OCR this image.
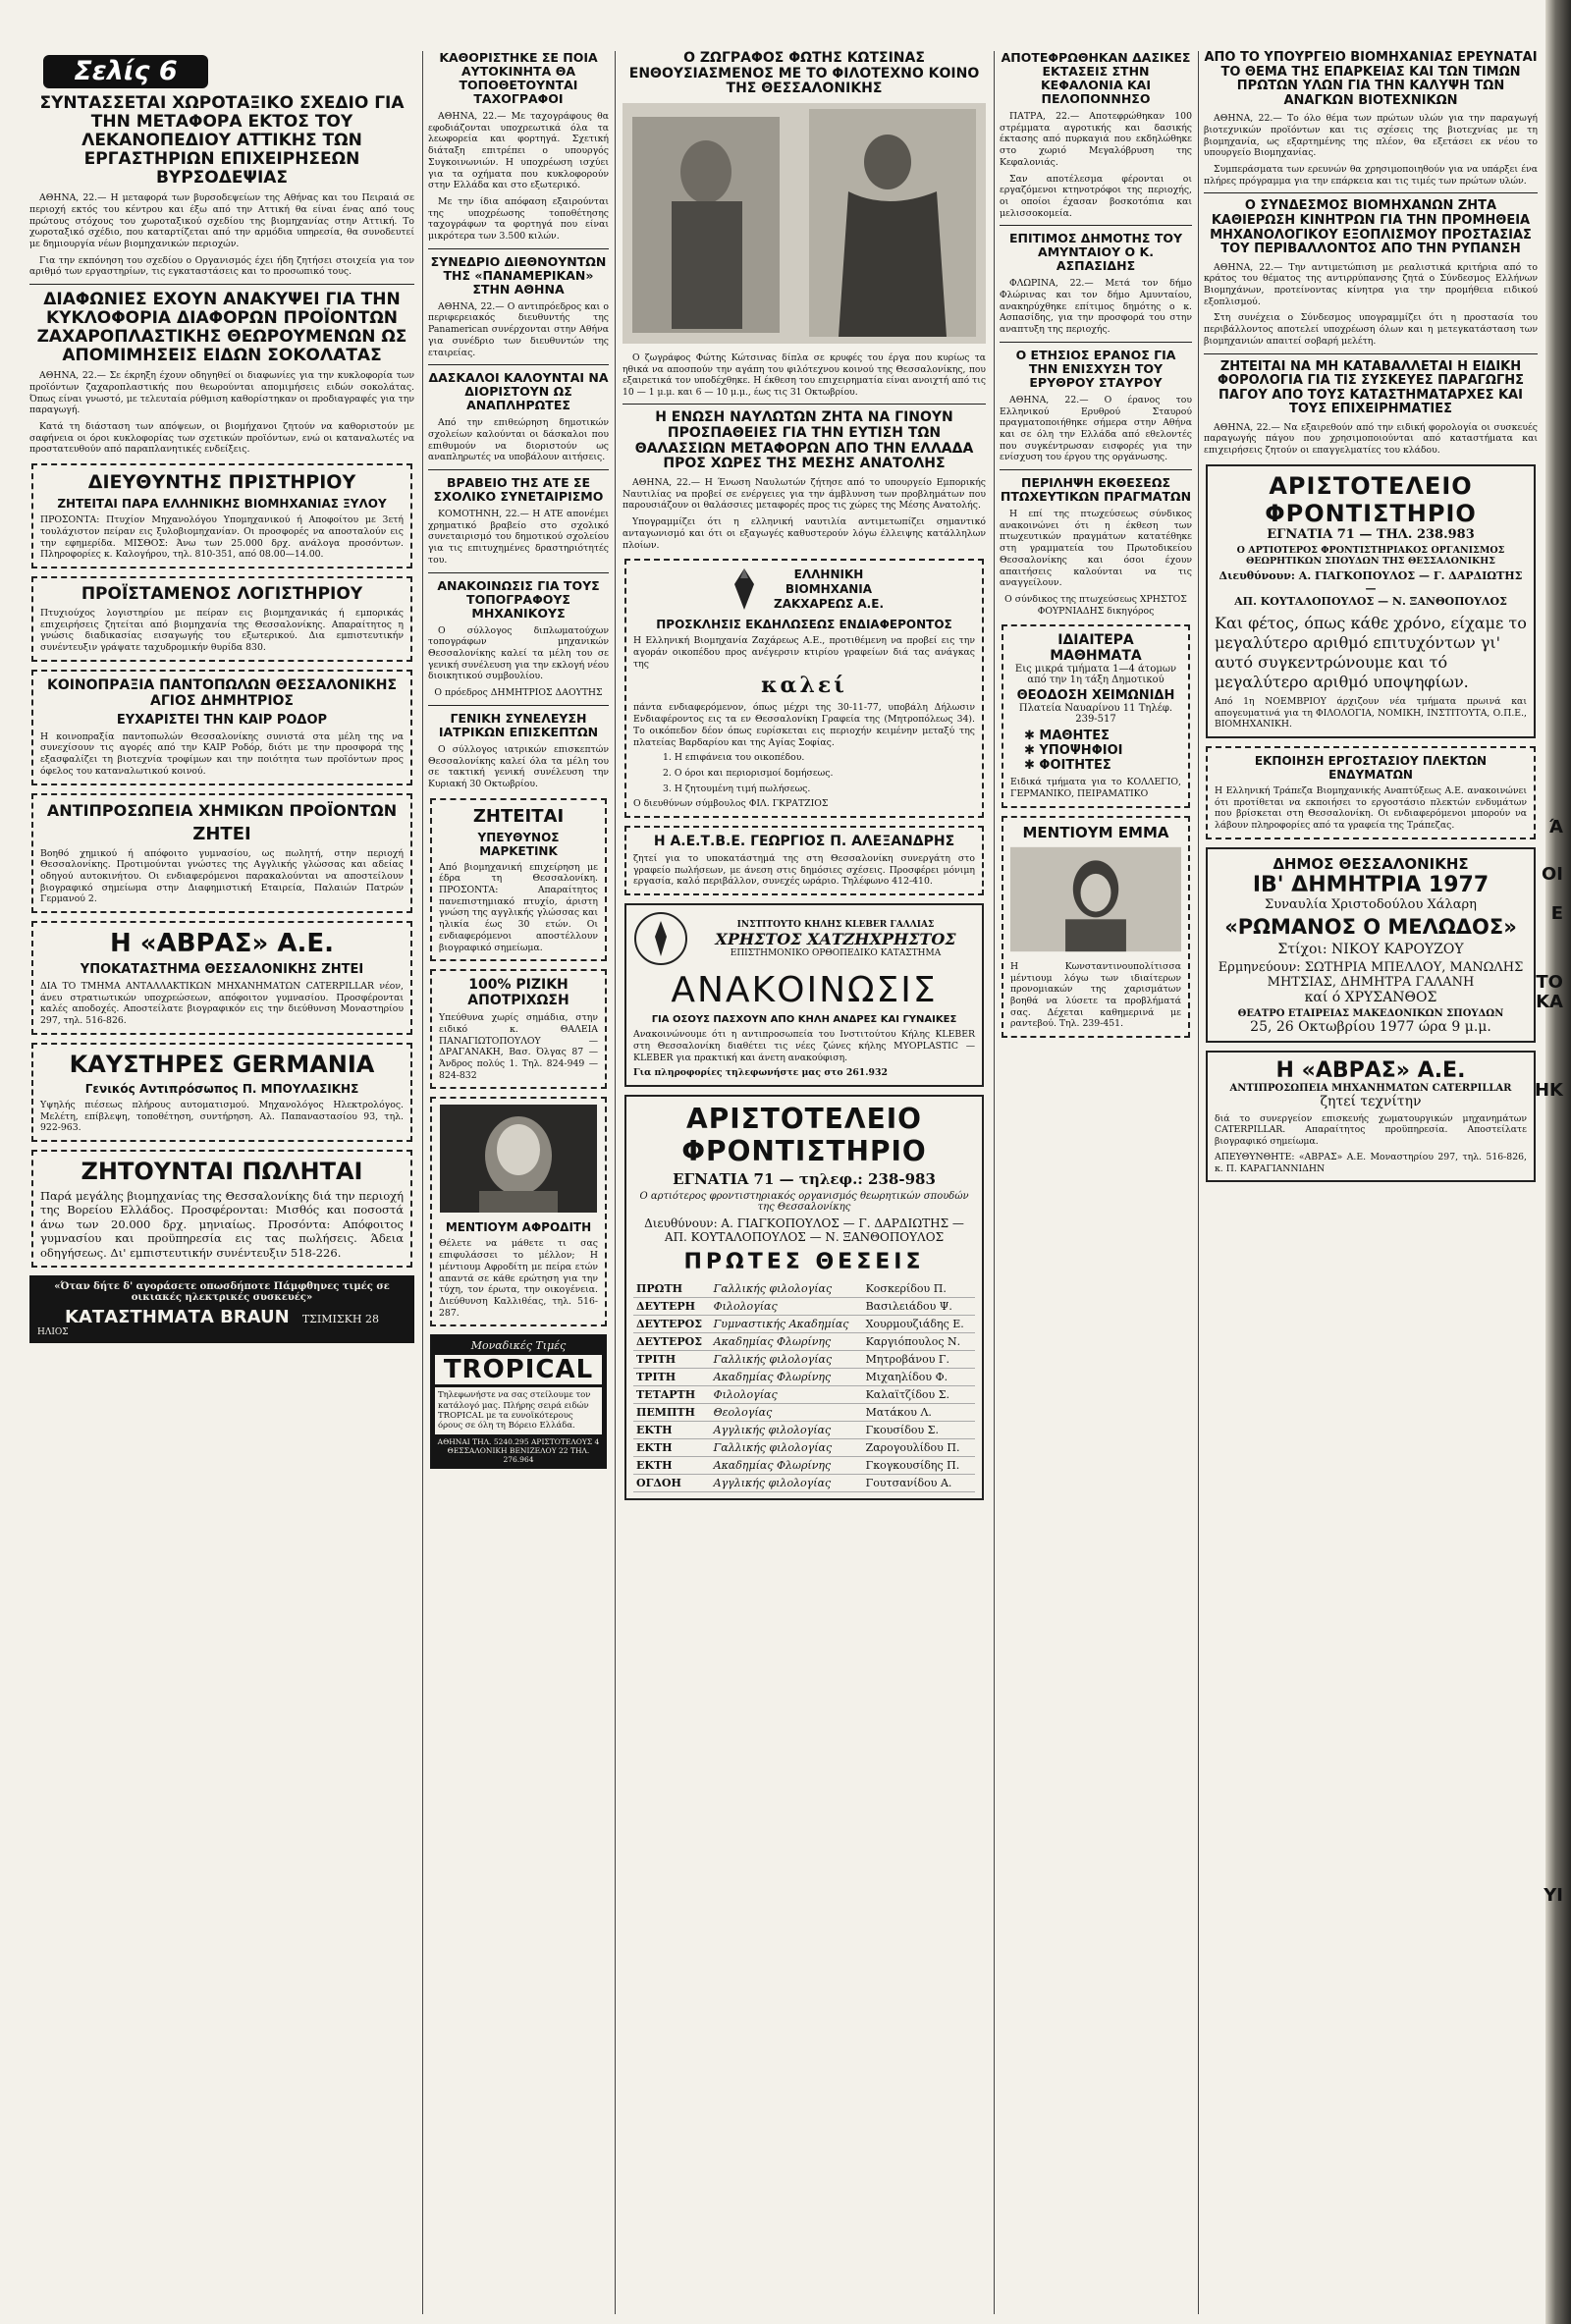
Σελίς 6
ΣΥΝΤΑΣΣΕΤΑΙ ΧΩΡΟΤΑΞΙΚΟ ΣΧΕΔΙΟ ΓΙΑ ΤΗΝ ΜΕΤΑΦΟΡΑ ΕΚΤΟΣ ΤΟΥ ΛΕΚΑΝΟΠΕΔΙΟΥ ΑΤΤΙΚΗΣ ΤΩΝ ΕΡΓΑΣΤΗΡΙΩΝ ΕΠΙΧΕΙΡΗΣΕΩΝ ΒΥΡΣΟΔΕΨΙΑΣ

ΑΘΗΝΑ, 22.— Η μεταφορά των βυρσοδεψείων της Αθήνας και του Πειραιά σε περιοχή εκτός του κέντρου και έξω από την Αττική θα είναι ένας από τους πρώτους στόχους του χωροταξικού σχεδίου της βιομηχανίας στην Αττική. Το χωροταξικό σχέδιο, που καταρτίζεται από την αρμόδια υπηρεσία, θα συνοδευτεί με δημιουργία νέων βιομηχανικών περιοχών.

Για την εκπόνηση του σχεδίου ο Οργανισμός έχει ήδη ζητήσει στοιχεία για τον αριθμό των εργαστηρίων, τις εγκαταστάσεις και το προσωπικό τους.

ΔΙΑΦΩΝΙΕΣ ΕΧΟΥΝ ΑΝΑΚΥΨΕΙ ΓΙΑ ΤΗΝ ΚΥΚΛΟΦΟΡΙΑ ΔΙΑΦΟΡΩΝ ΠΡΟΪΟΝΤΩΝ ΖΑΧΑΡΟΠΛΑΣΤΙΚΗΣ ΘΕΩΡΟΥΜΕΝΩΝ ΩΣ ΑΠΟΜΙΜΗΣΕΙΣ ΕΙΔΩΝ ΣΟΚΟΛΑΤΑΣ

ΑΘΗΝΑ, 22.— Σε έκρηξη έχουν οδηγηθεί οι διαφωνίες για την κυκλοφορία των προϊόντων ζαχαροπλαστικής που θεωρούνται απομιμήσεις ειδών σοκολάτας. Όπως είναι γνωστό, με τελευταία ρύθμιση καθορίστηκαν οι προδιαγραφές για την παραγωγή.

Κατά τη διάσταση των απόψεων, οι βιομήχανοι ζητούν να καθοριστούν με σαφήνεια οι όροι κυκλοφορίας των σχετικών προϊόντων, ενώ οι καταναλωτές να προστατευθούν από παραπλανητικές ενδείξεις.

ΔΙΕΥΘΥΝΤΗΣ ΠΡΙΣΤΗΡΙΟΥ
ΖΗΤΕΙΤΑΙ ΠΑΡΑ ΕΛΛΗΝΙΚΗΣ ΒΙΟΜΗΧΑΝΙΑΣ ΞΥΛΟΥ

ΠΡΟΣΟΝΤΑ: Πτυχίον Μηχανολόγου Υπομηχανικού ή Αποφοίτου με 3ετή τουλάχιστον πείραν εις ξυλοβιομηχανίαν. Οι προσφορές να αποσταλούν εις την εφημερίδα. ΜΙΣΘΟΣ: Άνω των 25.000 δρχ. ανάλογα προσόντων. Πληροφορίες κ. Καλογήρου, τηλ. 810-351, από 08.00—14.00.

ΠΡΟΪΣΤΑΜΕΝΟΣ ΛΟΓΙΣΤΗΡΙΟΥ

Πτυχιούχος λογιστηρίου με πείραν εις βιομηχανικάς ή εμπορικάς επιχειρήσεις ζητείται από βιομηχανία της Θεσσαλονίκης. Απαραίτητος η γνώσις διαδικασίας εισαγωγής του εξωτερικού. Δια εμπιστευτικήν συνέντευξιν γράψατε ταχυδρομικήν θυρίδα 830.

ΚΟΙΝΟΠΡΑΞΙΑ ΠΑΝΤΟΠΩΛΩΝ ΘΕΣΣΑΛΟΝΙΚΗΣ ΑΓΙΟΣ ΔΗΜΗΤΡΙΟΣ
ΕΥΧΑΡΙΣΤΕΙ ΤΗΝ ΚΑΙΡ ΡΟΔΟΡ

Η κοινοπραξία παντοπωλών Θεσσαλονίκης συνιστά στα μέλη της να συνεχίσουν τις αγορές από την ΚΑΙΡ Ροδόρ, διότι με την προσφορά της εξασφαλίζει τη βιοτεχνία τροφίμων και την ποιότητα των προϊόντων προς όφελος του καταναλωτικού κοινού.

ΑΝΤΙΠΡΟΣΩΠΕΙΑ ΧΗΜΙΚΩΝ ΠΡΟΪΟΝΤΩΝ
ΖΗΤΕΙ

Βοηθό χημικού ή απόφοιτο γυμνασίου, ως πωλητή, στην περιοχή Θεσσαλονίκης. Προτιμούνται γνώστες της Αγγλικής γλώσσας και αδείας οδηγού αυτοκινήτου. Οι ενδιαφερόμενοι παρακαλούνται να αποστείλουν βιογραφικό σημείωμα στην Διαφημιστική Εταιρεία, Παλαιών Πατρών Γερμανού 2.

Η «ΑΒΡΑΣ» Α.Ε.
ΥΠΟΚΑΤΑΣΤΗΜΑ ΘΕΣΣΑΛΟΝΙΚΗΣ ΖΗΤΕΙ

ΔΙΑ ΤΟ ΤΜΗΜΑ ΑΝΤΑΛΛΑΚΤΙΚΩΝ ΜΗΧΑΝΗΜΑΤΩΝ CATERPILLAR νέον, άνευ στρατιωτικών υποχρεώσεων, απόφοιτον γυμνασίου. Προσφέρονται καλές αποδοχές. Αποστείλατε βιογραφικόν εις την διεύθυνση Μοναστηρίου 297, τηλ. 516-826.

ΚΑΥΣΤΗΡΕΣ GERMANIA
Γενικός Αντιπρόσωπος Π. ΜΠΟΥΛΑΣΙΚΗΣ

Υψηλής πιέσεως πλήρους αυτοματισμού. Μηχανολόγος Ηλεκτρολόγος. Μελέτη, επίβλεψη, τοποθέτηση, συντήρηση. Αλ. Παπαναστασίου 93, τηλ. 922-963.

ΖΗΤΟΥΝΤΑΙ ΠΩΛΗΤΑΙ

Παρά μεγάλης βιομηχανίας της Θεσσαλονίκης διά την περιοχή της Βορείου Ελλάδος. Προσφέρονται: Μισθός και ποσοστά άνω των 20.000 δρχ. μηνιαίως. Προσόντα: Απόφοιτος γυμνασίου και προϋπηρεσία εις τας πωλήσεις. Άδεια οδηγήσεως. Δι' εμπιστευτικήν συνέντευξιν 518-226.

«Όταν δήτε δ' αγοράσετε οπωσδήποτε Πάμφθηνες τιμές σε οικιακές ηλεκτρικές συσκευές»
ΚΑΤΑΣΤΗΜΑΤΑ BRAUN ΤΣΙΜΙΣΚΗ 28
ΗΛΙΟΣ
ΚΑΘΟΡΙΣΤΗΚΕ ΣΕ ΠΟΙΑ ΑΥΤΟΚΙΝΗΤΑ ΘΑ ΤΟΠΟΘΕΤΟΥΝΤΑΙ ΤΑΧΟΓΡΑΦΟΙ

ΑΘΗΝΑ, 22.— Με ταχογράφους θα εφοδιάζονται υποχρεωτικά όλα τα λεωφορεία και φορτηγά. Σχετική διάταξη επιτρέπει ο υπουργός Συγκοινωνιών. Η υποχρέωση ισχύει για τα οχήματα που κυκλοφορούν στην Ελλάδα και στο εξωτερικό.

Με την ίδια απόφαση εξαιρούνται της υποχρέωσης τοποθέτησης ταχογράφων τα φορτηγά που είναι μικρότερα των 3.500 κιλών.

ΣΥΝΕΔΡΙΟ ΔΙΕΘΝΟΥΝΤΩΝ ΤΗΣ «ΠΑΝΑΜΕΡΙΚΑΝ» ΣΤΗΝ ΑΘΗΝΑ

ΑΘΗΝΑ, 22.— Ο αντιπρόεδρος και ο περιφερειακός διευθυντής της Panamerican συνέρχονται στην Αθήνα για συνέδριο των διευθυντών της εταιρείας.

ΔΑΣΚΑΛΟΙ ΚΑΛΟΥΝΤΑΙ ΝΑ ΔΙΟΡΙΣΤΟΥΝ ΩΣ ΑΝΑΠΛΗΡΩΤΕΣ

Από την επιθεώρηση δημοτικών σχολείων καλούνται οι δάσκαλοι που επιθυμούν να διοριστούν ως αναπληρωτές να υποβάλουν αιτήσεις.

ΒΡΑΒΕΙΟ ΤΗΣ ΑΤΕ ΣΕ ΣΧΟΛΙΚΟ ΣΥΝΕΤΑΙΡΙΣΜΟ

ΚΟΜΟΤΗΝΗ, 22.— Η ΑΤΕ απονέμει χρηματικό βραβείο στο σχολικό συνεταιρισμό του δημοτικού σχολείου για τις επιτυχημένες δραστηριότητές του.

ΑΝΑΚΟΙΝΩΣΙΣ ΓΙΑ ΤΟΥΣ ΤΟΠΟΓΡΑΦΟΥΣ ΜΗΧΑΝΙΚΟΥΣ

Ο σύλλογος διπλωματούχων τοπογράφων μηχανικών Θεσσαλονίκης καλεί τα μέλη του σε γενική συνέλευση για την εκλογή νέου διοικητικού συμβουλίου.

Ο πρόεδρος ΔΗΜΗΤΡΙΟΣ ΔΑΟΥΤΗΣ

ΓΕΝΙΚΗ ΣΥΝΕΛΕΥΣΗ ΙΑΤΡΙΚΩΝ ΕΠΙΣΚΕΠΤΩΝ

Ο σύλλογος ιατρικών επισκεπτών Θεσσαλονίκης καλεί όλα τα μέλη του σε τακτική γενική συνέλευση την Κυριακή 30 Οκτωβρίου.

ΖΗΤΕΙΤΑΙ
ΥΠΕΥΘΥΝΟΣ ΜΑΡΚΕΤΙΝΚ

Από βιομηχανική επιχείρηση με έδρα τη Θεσσαλονίκη. ΠΡΟΣΟΝΤΑ: Απαραίτητος πανεπιστημιακό πτυχίο, άριστη γνώση της αγγλικής γλώσσας και ηλικία έως 30 ετών. Οι ενδιαφερόμενοι αποστέλλουν βιογραφικό σημείωμα.

100% ΡΙΖΙΚΗ ΑΠΟΤΡΙΧΩΣΗ

Υπεύθυνα χωρίς σημάδια, στην ειδικό κ. ΘΑΛΕΙΑ ΠΑΝΑΓΙΩΤΟΠΟΥΛΟΥ — ΔΡΑΓΑΝΑΚΗ, Βασ. Όλγας 87 — Άνδρος πολύς 1. Τηλ. 824-949 — 824-832

ΜΕΝΤΙΟΥΜ ΑΦΡΟΔΙΤΗ

Θέλετε να μάθετε τι σας επιφυλάσσει το μέλλον; Η μέντιουμ Αφροδίτη με πείρα ετών απαντά σε κάθε ερώτηση για την τύχη, τον έρωτα, την οικογένεια. Διεύθυνση Καλλιθέας, τηλ. 516-287.

Μοναδικές Τιμές
TROPICAL

Τηλεφωνήστε να σας στείλουμε τον κατάλογό μας. Πλήρης σειρά ειδών TROPICAL με τα ευνοϊκότερους όρους σε όλη τη Βόρειο Ελλάδα.

ΑΘΗΝΑΙ ΤΗΛ. 5240.295 ΑΡΙΣΤΟΤΕΛΟΥΣ 4 ΘΕΣΣΑΛΟΝΙΚΗ ΒΕΝΙΖΕΛΟΥ 22 ΤΗΛ. 276.964
Ο ΖΩΓΡΑΦΟΣ ΦΩΤΗΣ ΚΩΤΣΙΝΑΣ ΕΝΘΟΥΣΙΑΣΜΕΝΟΣ ΜΕ ΤΟ ΦΙΛΟΤΕΧΝΟ ΚΟΙΝΟ ΤΗΣ ΘΕΣΣΑΛΟΝΙΚΗΣ

Ο ζωγράφος Φώτης Κώτσινας δίπλα σε κρυφές του έργα που κυρίως τα ηθικά να αποσπούν την αγάπη του φιλότεχνου κοινού της Θεσσαλονίκης, που εξαιρετικά τον υποδέχθηκε. Η έκθεση του επιχειρηματία είναι ανοιχτή από τις 10 — 1 μ.μ. και 6 — 10 μ.μ., έως τις 31 Οκτωβρίου.

Η ΕΝΩΣΗ ΝΑΥΛΩΤΩΝ ΖΗΤΑ ΝΑ ΓΙΝΟΥΝ ΠΡΟΣΠΑΘΕΙΕΣ ΓΙΑ ΤΗΝ ΕΥΤΙΣΗ ΤΩΝ ΘΑΛΑΣΣΙΩΝ ΜΕΤΑΦΟΡΩΝ ΑΠΟ ΤΗΝ ΕΛΛΑΔΑ ΠΡΟΣ ΧΩΡΕΣ ΤΗΣ ΜΕΣΗΣ ΑΝΑΤΟΛΗΣ

ΑΘΗΝΑ, 22.— Η Ένωση Ναυλωτών ζήτησε από το υπουργείο Εμπορικής Ναυτιλίας να προβεί σε ενέργειες για την άμβλυνση των προβλημάτων που παρουσιάζουν οι θαλάσσιες μεταφορές προς τις χώρες της Μέσης Ανατολής.

Υπογραμμίζει ότι η ελληνική ναυτιλία αντιμετωπίζει σημαντικό ανταγωνισμό και ότι οι εξαγωγές καθυστερούν λόγω έλλειψης κατάλληλων πλοίων.

ΕΛΛΗΝΙΚΗ
ΒΙΟΜΗΧΑΝΙΑ
ΖΑΚΧΑΡΕΩΣ Α.Ε.
ΠΡΟΣΚΛΗΣΙΣ ΕΚΔΗΛΩΣΕΩΣ ΕΝΔΙΑΦΕΡΟΝΤΟΣ

Η Ελληνική Βιομηχανία Ζαχάρεως Α.Ε., προτιθέμενη να προβεί εις την αγοράν οικοπέδου προς ανέγερσιν κτιρίου γραφείων διά τας ανάγκας της

καλεί

πάντα ενδιαφερόμενον, όπως μέχρι της 30-11-77, υποβάλη Δήλωσιν Ενδιαφέροντος εις τα εν Θεσσαλονίκη Γραφεία της (Μητροπόλεως 34). Το οικόπεδον δέον όπως ευρίσκεται εις περιοχήν κειμένην μεταξύ της πλατείας Βαρδαρίου και της Αγίας Σοφίας.

1. Η επιφάνεια του οικοπέδου.

2. Ο όροι και περιορισμοί δομήσεως.

3. Η ζητουμένη τιμή πωλήσεως.

Ο διευθύνων σύμβουλος ΦΙΛ. ΓΚΡΑΤΖΙΟΣ

Η Α.Ε.Τ.Β.Ε. ΓΕΩΡΓΙΟΣ Π. ΑΛΕΞΑΝΔΡΗΣ

ζητεί για το υποκατάστημά της στη Θεσσαλονίκη συνεργάτη στο γραφείο πωλήσεων, με άνεση στις δημόσιες σχέσεις. Προσφέρει μόνιμη εργασία, καλό περιβάλλον, συνεχές ωράριο. Τηλέφωνο 412-410.

ΙΝΣΤΙΤΟΥΤΟ ΚΗΛΗΣ KLEBER ΓΑΛΛΙΑΣ
ΧΡΗΣΤΟΣ ΧΑΤΖΗΧΡΗΣΤΟΣ
ΕΠΙΣΤΗΜΟΝΙΚΟ ΟΡΘΟΠΕΔΙΚΟ ΚΑΤΑΣΤΗΜΑ
ΑΝΑΚΟΙΝΩΣΙΣ
ΓΙΑ ΟΣΟΥΣ ΠΑΣΧΟΥΝ ΑΠΟ ΚΗΛΗ ΑΝΔΡΕΣ ΚΑΙ ΓΥΝΑΙΚΕΣ

Ανακοινώνουμε ότι η αντιπροσωπεία του Ινστιτούτου Κήλης KLEBER στη Θεσσαλονίκη διαθέτει τις νέες ζώνες κήλης MYOPLASTIC — KLEBER για πρακτική και άνετη ανακούφιση.

Για πληροφορίες τηλεφωνήστε μας στο 261.932

ΑΡΙΣΤΟΤΕΛΕΙΟ ΦΡΟΝΤΙΣΤΗΡΙΟ
ΕΓΝΑΤΙΑ 71 — τηλεφ.: 238-983
Ο αρτιότερος φροντιστηριακός οργανισμός θεωρητικών σπουδών της Θεσσαλονίκης
Διευθύνουν: Α. ΓΙΑΓΚΟΠΟΥΛΟΣ — Γ. ΔΑΡΔΙΩΤΗΣ —
ΑΠ. ΚΟΥΤΑΛΟΠΟΥΛΟΣ — Ν. ΞΑΝΘΟΠΟΥΛΟΣ
ΠΡΩΤΕΣ ΘΕΣΕΙΣ
ΠΡΩΤΗ	Γαλλικής φιλολογίας	Κοσκερίδου Π.
ΔΕΥΤΕΡΗ	Φιλολογίας	Βασιλειάδου Ψ.
ΔΕΥΤΕΡΟΣ	Γυμναστικής Ακαδημίας	Χουρμουζιάδης Ε.
ΔΕΥΤΕΡΟΣ	Ακαδημίας Φλωρίνης	Καργιόπουλος Ν.
ΤΡΙΤΗ	Γαλλικής φιλολογίας	Μητροβάνου Γ.
ΤΡΙΤΗ	Ακαδημίας Φλωρίνης	Μιχαηλίδου Φ.
ΤΕΤΑΡΤΗ	Φιλολογίας	Καλαϊτζίδου Σ.
ΠΕΜΠΤΗ	Θεολογίας	Ματάκου Λ.
ΕΚΤΗ	Αγγλικής φιλολογίας	Γκουσίδου Σ.
ΕΚΤΗ	Γαλλικής φιλολογίας	Ζαρογουλίδου Π.
ΕΚΤΗ	Ακαδημίας Φλωρίνης	Γκογκουσίδης Π.
ΟΓΔΟΗ	Αγγλικής φιλολογίας	Γουτσανίδου Α.
ΑΠΟΤΕΦΡΩΘΗΚΑΝ ΔΑΣΙΚΕΣ ΕΚΤΑΣΕΙΣ ΣΤΗΝ ΚΕΦΑΛΟΝΙΑ ΚΑΙ ΠΕΛΟΠΟΝΝΗΣΟ

ΠΑΤΡΑ, 22.— Αποτεφρώθηκαν 100 στρέμματα αγροτικής και δασικής έκτασης από πυρκαγιά που εκδηλώθηκε στο χωριό Μεγαλόβρυση της Κεφαλονιάς.

Σαν αποτέλεσμα φέρονται οι εργαζόμενοι κτηνοτρόφοι της περιοχής, οι οποίοι έχασαν βοσκοτόπια και μελισσοκομεία.

ΕΠΙΤΙΜΟΣ ΔΗΜΟΤΗΣ ΤΟΥ ΑΜΥΝΤΑΙΟΥ Ο Κ. ΑΣΠΑΣΙΔΗΣ

ΦΛΩΡΙΝΑ, 22.— Μετά τον δήμο Φλώρινας και τον δήμο Αμυνταίου, ανακηρύχθηκε επίτιμος δημότης ο κ. Ασπασίδης, για την προσφορά του στην αναπτυξη της περιοχής.

Ο ΕΤΗΣΙΟΣ ΕΡΑΝΟΣ ΓΙΑ ΤΗΝ ΕΝΙΣΧΥΣΗ ΤΟΥ ΕΡΥΘΡΟΥ ΣΤΑΥΡΟΥ

ΑΘΗΝΑ, 22.— Ο έρανος του Ελληνικού Ερυθρού Σταυρού πραγματοποιήθηκε σήμερα στην Αθήνα και σε όλη την Ελλάδα από εθελοντές που συγκέντρωσαν εισφορές για την ενίσχυση του έργου της οργάνωσης.

ΠΕΡΙΛΗΨΗ ΕΚΘΕΣΕΩΣ ΠΤΩΧΕΥΤΙΚΩΝ ΠΡΑΓΜΑΤΩΝ

Η επί της πτωχεύσεως σύνδικος ανακοινώνει ότι η έκθεση των πτωχευτικών πραγμάτων κατατέθηκε στη γραμματεία του Πρωτοδικείου Θεσσαλονίκης και όσοι έχουν απαιτήσεις καλούνται να τις αναγγείλουν.

Ο σύνδικος της πτωχεύσεως ΧΡΗΣΤΟΣ ΦΟΥΡΝΙΑΔΗΣ δικηγόρος

ΙΔΙΑΙΤΕΡΑ ΜΑΘΗΜΑΤΑ
Εις μικρά τμήματα 1—4 άτομων από την 1η τάξη Δημοτικού
ΘΕΟΔΟΣΗ ΧΕΙΜΩΝΙΔΗ
Πλατεία Ναυαρίνου 11 Τηλέφ. 239-517
✱ ΜΑΘΗΤΕΣ
✱ ΥΠΟΨΗΦΙΟΙ
✱ ΦΟΙΤΗΤΕΣ

Ειδικά τμήματα για το ΚΟΛΛΕΓΙΟ, ΓΕΡΜΑΝΙΚΟ, ΠΕΙΡΑΜΑΤΙΚΟ

ΜΕΝΤΙΟΥΜ ΕΜΜΑ

Η Κωνσταντινουπολίτισσα μέντιουμ λόγω των ιδιαίτερων προνομιακών της χαρισμάτων βοηθά να λύσετε τα προβλήματά σας. Δέχεται καθημερινά με ραντεβού. Τηλ. 239-451.

ΑΠΟ ΤΟ ΥΠΟΥΡΓΕΙΟ ΒΙΟΜΗΧΑΝΙΑΣ ΕΡΕΥΝΑΤΑΙ ΤΟ ΘΕΜΑ ΤΗΣ ΕΠΑΡΚΕΙΑΣ ΚΑΙ ΤΩΝ ΤΙΜΩΝ ΠΡΩΤΩΝ ΥΛΩΝ ΓΙΑ ΤΗΝ ΚΑΛΥΨΗ ΤΩΝ ΑΝΑΓΚΩΝ ΒΙΟΤΕΧΝΙΚΩΝ

ΑΘΗΝΑ, 22.— Το όλο θέμα των πρώτων υλών για την παραγωγή βιοτεχνικών προϊόντων και τις σχέσεις της βιοτεχνίας με τη βιομηχανία, ως εξαρτημένης της πλέον, θα εξετάσει εκ νέου το υπουργείο Βιομηχανίας.

Συμπεράσματα των ερευνών θα χρησιμοποιηθούν για να υπάρξει ένα πλήρες πρόγραμμα για την επάρκεια και τις τιμές των πρώτων υλών.

Ο ΣΥΝΔΕΣΜΟΣ ΒΙΟΜΗΧΑΝΩΝ ΖΗΤΑ ΚΑΘΙΕΡΩΣΗ ΚΙΝΗΤΡΩΝ ΓΙΑ ΤΗΝ ΠΡΟΜΗΘΕΙΑ ΜΗΧΑΝΟΛΟΓΙΚΟΥ ΕΞΟΠΛΙΣΜΟΥ ΠΡΟΣΤΑΣΙΑΣ ΤΟΥ ΠΕΡΙΒΑΛΛΟΝΤΟΣ ΑΠΟ ΤΗΝ ΡΥΠΑΝΣΗ

ΑΘΗΝΑ, 22.— Την αντιμετώπιση με ρεαλιστικά κριτήρια από το κράτος του θέματος της αντιρρύπανσης ζητά ο Σύνδεσμος Ελλήνων Βιομηχάνων, προτείνοντας κίνητρα για την προμήθεια ειδικού εξοπλισμού.

Στη συνέχεια ο Σύνδεσμος υπογραμμίζει ότι η προστασία του περιβάλλοντος αποτελεί υποχρέωση όλων και η μετεγκατάσταση των βιομηχανιών απαιτεί σοβαρή μελέτη.

ΖΗΤΕΙΤΑΙ ΝΑ ΜΗ ΚΑΤΑΒΑΛΛΕΤΑΙ Η ΕΙΔΙΚΗ ΦΟΡΟΛΟΓΙΑ ΓΙΑ ΤΙΣ ΣΥΣΚΕΥΕΣ ΠΑΡΑΓΩΓΗΣ ΠΑΓΟΥ ΑΠΟ ΤΟΥΣ ΚΑΤΑΣΤΗΜΑΤΑΡΧΕΣ ΚΑΙ ΤΟΥΣ ΕΠΙΧΕΙΡΗΜΑΤΙΕΣ

ΑΘΗΝΑ, 22.— Να εξαιρεθούν από την ειδική φορολογία οι συσκευές παραγωγής πάγου που χρησιμοποιούνται από καταστήματα και επιχειρήσεις ζητούν οι επαγγελματίες του κλάδου.

ΑΡΙΣΤΟΤΕΛΕΙΟ ΦΡΟΝΤΙΣΤΗΡΙΟ
ΕΓΝΑΤΙΑ 71 — ΤΗΛ. 238.983
Ο ΑΡΤΙΟΤΕΡΟΣ ΦΡΟΝΤΙΣΤΗΡΙΑΚΟΣ ΟΡΓΑΝΙΣΜΟΣ ΘΕΩΡΗΤΙΚΩΝ ΣΠΟΥΔΩΝ ΤΗΣ ΘΕΣΣΑΛΟΝΙΚΗΣ
Διευθύνουν: Α. ΓΙΑΓΚΟΠΟΥΛΟΣ — Γ. ΔΑΡΔΙΩΤΗΣ —
ΑΠ. ΚΟΥΤΑΛΟΠΟΥΛΟΣ — Ν. ΞΑΝΘΟΠΟΥΛΟΣ

Και φέτος, όπως κάθε χρόνο, είχαμε το μεγαλύτερο αριθμό επιτυχόντων γι' αυτό συγκεντρώνουμε και τό μεγαλύτερο αριθμό υποψηφίων.

Από 1η ΝΟΕΜΒΡΙΟΥ άρχιζουν νέα τμήματα πρωινά και απογευματινά για τη ΦΙΛΟΛΟΓΙΑ, ΝΟΜΙΚΗ, ΙΝΣΤΙΤΟΥΤΑ, Ο.Π.Ε., ΒΙΟΜΗΧΑΝΙΚΗ.

ΕΚΠΟΙΗΣΗ ΕΡΓΟΣΤΑΣΙΟΥ ΠΛΕΚΤΩΝ ΕΝΔΥΜΑΤΩΝ

Η Ελληνική Τράπεζα Βιομηχανικής Αναπτύξεως Α.Ε. ανακοινώνει ότι προτίθεται να εκποιήσει το εργοστάσιο πλεκτών ενδυμάτων που βρίσκεται στη Θεσσαλονίκη. Οι ενδιαφερόμενοι μπορούν να λάβουν πληροφορίες από τα γραφεία της Τράπεζας.

ΔΗΜΟΣ ΘΕΣΣΑΛΟΝΙΚΗΣ
ΙΒ' ΔΗΜΗΤΡΙΑ 1977
Συναυλία Χριστοδούλου Χάλαρη
«ΡΩΜΑΝΟΣ Ο ΜΕΛΩΔΟΣ»
Στίχοι: ΝΙΚΟΥ ΚΑΡΟΥΖΟΥ
Ερμηνεύουν: ΣΩΤΗΡΙΑ ΜΠΕΛΛΟΥ, ΜΑΝΩΛΗΣ ΜΗΤΣΙΑΣ, ΔΗΜΗΤΡΑ ΓΑΛΑΝΗ
καί ό ΧΡΥΣΑΝΘΟΣ
ΘΕΑΤΡΟ ΕΤΑΙΡΕΙΑΣ ΜΑΚΕΔΟΝΙΚΩΝ ΣΠΟΥΔΩΝ
25, 26 Οκτωβρίου 1977 ώρα 9 μ.μ.
Η «ΑΒΡΑΣ» Α.Ε.
ΑΝΤΙΠΡΟΣΩΠΕΙΑ ΜΗΧΑΝΗΜΑΤΩΝ CATERPILLAR
ζητεί τεχνίτην

διά το συνεργείον επισκευής χωματουργικών μηχανημάτων CATERPILLAR. Απαραίτητος προϋπηρεσία. Αποστείλατε βιογραφικό σημείωμα.

ΑΠΕΥΘΥΝΘΗΤΕ: «ΑΒΡΑΣ» Α.Ε. Μοναστηρίου 297, τηλ. 516-826, κ. Π. ΚΑΡΑΓΙΑΝΝΙΔΗΝ

Ά
ΟΙ
Ε
ΤΟ
ΚΑ
ΗΚ
ΥΙ
